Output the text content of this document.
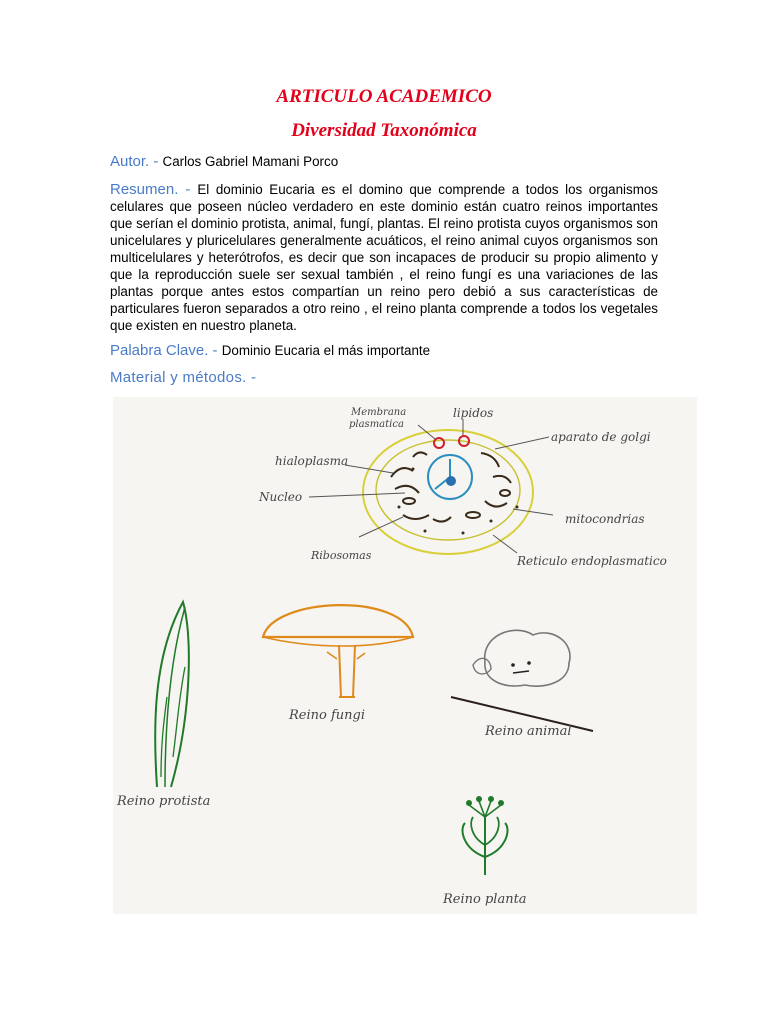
ARTICULO ACADEMICO
Diversidad Taxonómica
Autor. - Carlos Gabriel Mamani Porco
Resumen. - El dominio Eucaria es el domino que comprende a todos los organismos celulares que poseen núcleo verdadero en este dominio están cuatro reinos importantes que serían el dominio protista, animal, fungí, plantas. El reino protista cuyos organismos son unicelulares y pluricelulares generalmente acuáticos, el reino animal cuyos organismos son multicelulares y heterótrofos, es decir que son incapaces de producir su propio alimento y que la reproducción suele ser sexual también , el reino fungí es una variaciones de las plantas porque antes estos compartían un reino pero debió a sus características de particulares fueron separados a otro reino , el reino planta comprende a todos los vegetales que existen en nuestro planeta.
Palabra Clave. - Dominio Eucaria el más importante
Material y métodos. -
Membrana
plasmatica
lipidos
aparato de golgi
hialoplasma
Nucleo
mitocondrias
Ribosomas	Reticulo endoplasmatico
Reino protista
Reino fungi
Reino animal
Reino planta
